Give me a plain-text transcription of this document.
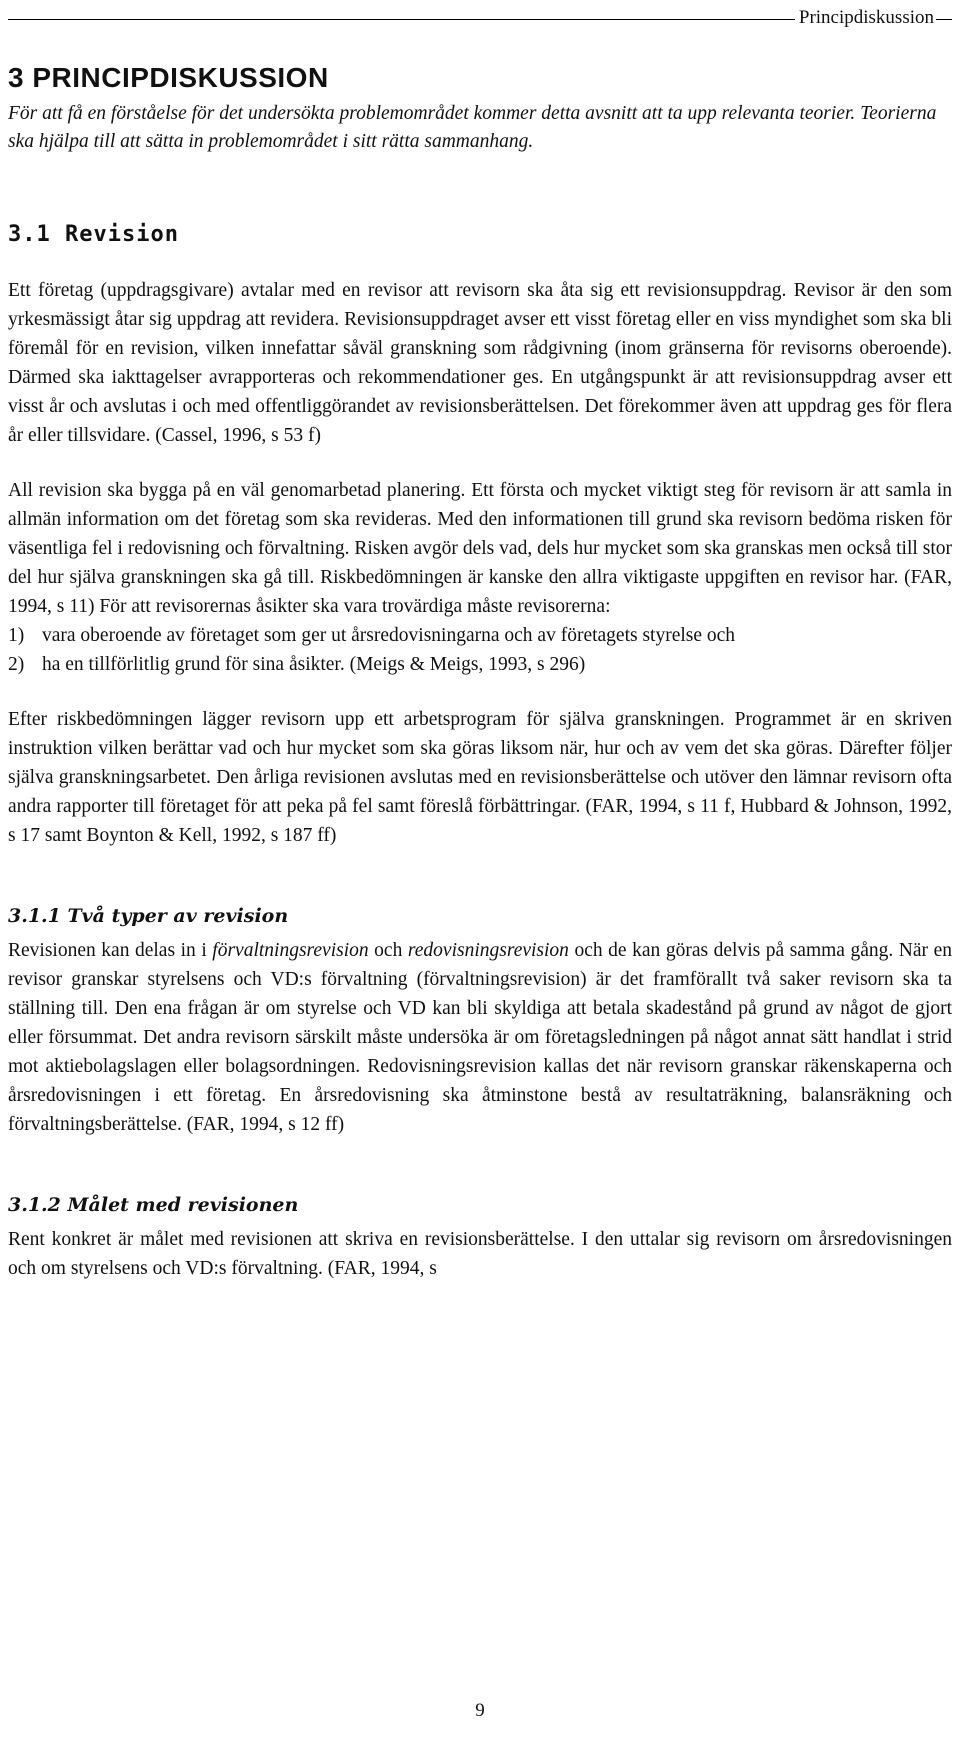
Principdiskussion
3 PRINCIPDISKUSSION

För att få en förståelse för det undersökta problemområdet kommer detta avsnitt att ta upp relevanta teorier. Teorierna ska hjälpa till att sätta in problemområdet i sitt rätta sammanhang.

3.1 Revision

Ett företag (uppdragsgivare) avtalar med en revisor att revisorn ska åta sig ett revisionsuppdrag. Revisor är den som yrkesmässigt åtar sig uppdrag att revidera. Revisionsuppdraget avser ett visst företag eller en viss myndighet som ska bli föremål för en revision, vilken innefattar såväl granskning som rådgivning (inom gränserna för revisorns oberoende). Därmed ska iakttagelser avrapporteras och rekommendationer ges. En utgångspunkt är att revisionsuppdrag avser ett visst år och avslutas i och med offentliggörandet av revisionsberättelsen. Det förekommer även att uppdrag ges för flera år eller tillsvidare. (Cassel, 1996, s 53 f)

All revision ska bygga på en väl genomarbetad planering. Ett första och mycket viktigt steg för revisorn är att samla in allmän information om det företag som ska revideras. Med den informationen till grund ska revisorn bedöma risken för väsentliga fel i redovisning och förvaltning. Risken avgör dels vad, dels hur mycket som ska granskas men också till stor del hur själva granskningen ska gå till. Riskbedömningen är kanske den allra viktigaste uppgiften en revisor har. (FAR, 1994, s 11) För att revisorernas åsikter ska vara trovärdiga måste revisorerna:

1) vara oberoende av företaget som ger ut årsredovisningarna och av företagets styrelse och
2) ha en tillförlitlig grund för sina åsikter. (Meigs & Meigs, 1993, s 296)

Efter riskbedömningen lägger revisorn upp ett arbetsprogram för själva granskningen. Programmet är en skriven instruktion vilken berättar vad och hur mycket som ska göras liksom när, hur och av vem det ska göras. Därefter följer själva granskningsarbetet. Den årliga revisionen avslutas med en revisionsberättelse och utöver den lämnar revisorn ofta andra rapporter till företaget för att peka på fel samt föreslå förbättringar. (FAR, 1994, s 11 f, Hubbard & Johnson, 1992, s 17 samt Boynton & Kell, 1992, s 187 ff)

3.1.1 Två typer av revision

Revisionen kan delas in i förvaltningsrevision och redovisningsrevision och de kan göras delvis på samma gång. När en revisor granskar styrelsens och VD:s förvaltning (förvaltningsrevision) är det framförallt två saker revisorn ska ta ställning till. Den ena frågan är om styrelse och VD kan bli skyldiga att betala skadestånd på grund av något de gjort eller försummat. Det andra revisorn särskilt måste undersöka är om företagsledningen på något annat sätt handlat i strid mot aktiebolagslagen eller bolagsordningen. Redovisningsrevision kallas det när revisorn granskar räkenskaperna och årsredovisningen i ett företag. En årsredovisning ska åtminstone bestå av resultaträkning, balansräkning och förvaltningsberättelse. (FAR, 1994, s 12 ff)

3.1.2 Målet med revisionen

Rent konkret är målet med revisionen att skriva en revisionsberättelse. I den uttalar sig revisorn om årsredovisningen och om styrelsens och VD:s förvaltning. (FAR, 1994, s

9
